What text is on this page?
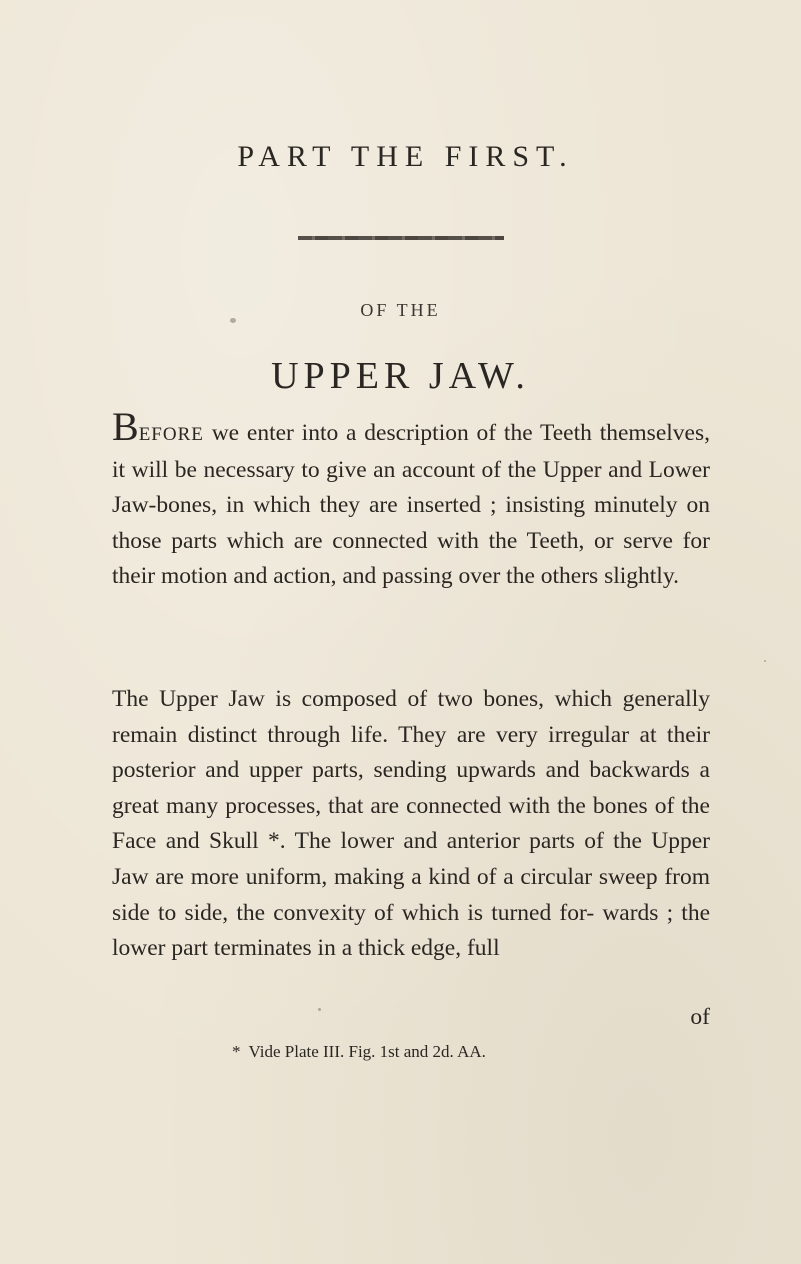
PART THE FIRST.
OF THE
UPPER JAW.
BEFORE we enter into a description of the Teeth themselves, it will be necessary to give an account of the Upper and Lower Jaw-bones, in which they are inserted ; insisting minutely on those parts which are connected with the Teeth, or serve for their motion and action, and passing over the others slightly.
The Upper Jaw is composed of two bones, which generally remain distinct through life. They are very irregular at their posterior and upper parts, sending upwards and backwards a great many processes, that are connected with the bones of the Face and Skull *. The lower and anterior parts of the Upper Jaw are more uniform, making a kind of a circular sweep from side to side, the convexity of which is turned for- wards ; the lower part terminates in a thick edge, full
of
* Vide Plate III. Fig. 1st and 2d. AA.
